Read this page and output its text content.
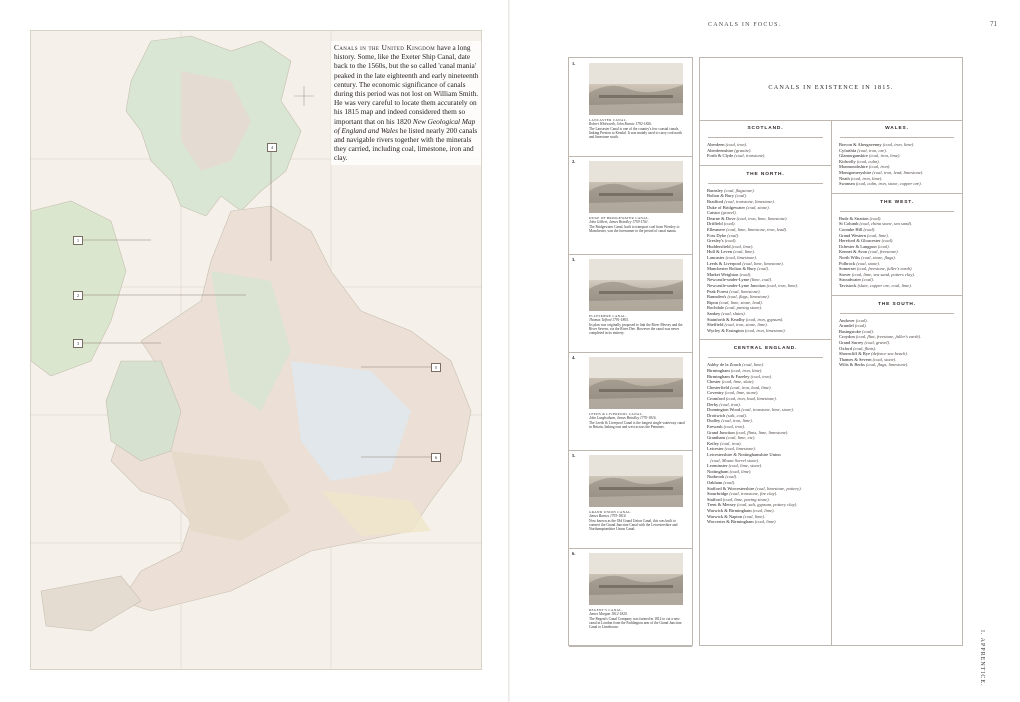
Canals in the United Kingdom have a long history. Some, like the Exeter Ship Canal, date back to the 1560s, but the so called 'canal mania' peaked in the late eighteenth and early nineteenth century. The economic significance of canals during this period was not lost on William Smith. He was very careful to locate them accurately on his 1815 map and indeed considered them so important that on his 1820 New Geological Map of England and Wales he listed nearly 200 canals and navigable rivers together with the minerals they carried, including coal, limestone, iron and clay.
4
1
2
3
5
6
CANALS IN FOCUS.	71
I. APPRENTICE.
1.
LANCASTER CANAL.
Robert Whitworth, John Rennie 1792-1826.
The Lancaster Canal is one of the country's few coastal canals, linking Preston to Kendal. It was mainly used to carry coal north and limestone south.
2.
DUKE OF BRIDGEWATER CANAL.
John Gilbert, James Brindley 1759-1761.
The Bridgewater Canal, built to transport coal from Worsley to Manchester, was the forerunner to the period of canal mania.
3.
ELLESMERE CANAL.
Thomas Telford 1791-1805.
Its plan was originally proposed to link the River Mersey and the River Severn, via the River Dee. However the canal was never completed in its entirety.
4.
LEEDS & LIVERPOOL CANAL.
John Longbotham, James Brindley 1770-1816.
The Leeds & Liverpool Canal is the longest single waterway canal in Britain, linking east and west across the Pennines.
5.
GRAND UNION CANAL.
James Barnes 1793-1814.
Now known as the Old Grand Union Canal, this was built to connect the Grand Junction Canal with the Leicestershire and Northamptonshire Union Canal.
6.
REGENT'S CANAL.
James Morgan 1812-1820.
The Regent's Canal Company was formed in 1812 to cut a new canal in London from the Paddington arm of the Grand Junction Canal to Limehouse.
CANALS IN EXISTENCE IN 1815.
SCOTLAND.
Aberdeen (coal, iron).
Aberdeenshire (granite).
Forth & Clyde (coal, ironstone).
THE NORTH.
Barnsley (coal, flagstone).
Bolton & Bury (coal).
Bradford (coal, ironstone, limestone).
Duke of Bridgewater (coal, stone).
Caistor (gravel).
Dearne & Dove (coal, iron, lime, limestone).
Driffield (coal).
Ellesmere (coal, lime, limestone, iron, lead).
Foss Dyke (coal).
Gresley's (coal).
Huddersfield (coal, lime).
Hull & Leven (coal, lime).
Lancaster (coal, limestone).
Leeds & Liverpool (coal, lime, limestone).
Manchester Bolton & Bury (coal).
Market Weighton (coal).
Newcastle-under-Lyme (lime, coal).
Newcastle-under-Lyme Junction (coal, iron, lime).
Peak Forest (coal, limestone).
Ramsden's (coal, flags, limestone).
Ripon (coal, lime, stone, lead).
Rochdale (coal, paving stone).
Sankey (coal, slates).
Stainforth & Keadby (coal, iron, gypsum).
Sheffield (coal, iron, stone, lime).
Wyrley & Essington (coal, iron, limestone).
CENTRAL ENGLAND.
Ashby de la Zouch (coal, lime).
Birmingham (coal, iron, lime).
Birmingham & Fazeley (coal, iron).
Chester (coal, lime, slate).
Chesterfield (coal, iron, lead, lime).
Coventry (coal, lime, stone).
Cromford (coal, iron, lead, limestone).
Derby (coal, iron).
Donnington Wood (coal, ironstone, lime, stone).
Droitwich (salt, coal).
Dudley (coal, iron, lime).
Erewash (coal, iron).
Grand Junction (coal, flints, lime, limestone).
Grantham (coal, lime, etc).
Ketley (coal, iron).
Leicester (coal, limestone).
Leicestershire & Nottinghamshire Union
(coal, Mount Sorrel stone).
Leominster (coal, lime, stone).
Nottingham (coal, lime).
Nutbrook (coal).
Oakham (coal).
Stafford & Worcestershire (coal, limestone, pottery).
Stourbridge (coal, ironstone, fire clay).
Stafford (coal, lime, paving stone).
Trent & Mersey (coal, salt, gypsum, pottery clay).
Warwick & Birmingham (coal, lime).
Warwick & Napton (coal, lime).
Worcester & Birmingham (coal, lime).
WALES.
Brecon & Abergavenny (coal, iron, lime).
Cyfarthfa (coal, iron, ore).
Glamorganshire (coal, iron, lime).
Kidwelly (coal, culm).
Monmouthshire (coal, iron).
Montgomeryshire (coal, iron, lead, limestone).
Neath (coal, iron, lime).
Swansea (coal, culm, iron, stone, copper ore).
THE WEST.
Bude & Stratton (coal).
St Columb (coal, china stone, sea sand).
Coombe Hill (coal).
Grand Western (coal, lime).
Hereford & Gloucester (coal).
Ilchester & Langport (coal).
Kennet & Avon (coal, freestone).
North Wilts (coal, stone, flags).
Polbrock (coal, stone).
Somerset (coal, freestone, fuller's earth).
Stover (coal, lime, sea sand, potters clay).
Stroudwater (coal).
Tavistock (slate, copper ore, coal, lime).
THE SOUTH.
Andover (coal).
Arundel (coal).
Basingstoke (coal).
Croydon (coal, flint, freestone, fuller's earth).
Grand Surrey (coal, gravel).
Oxford (coal, flints).
Shorncliff & Rye (defence sea beach).
Thames & Severn (coal, stone).
Wilts & Berks (coal, flags, limestone).
